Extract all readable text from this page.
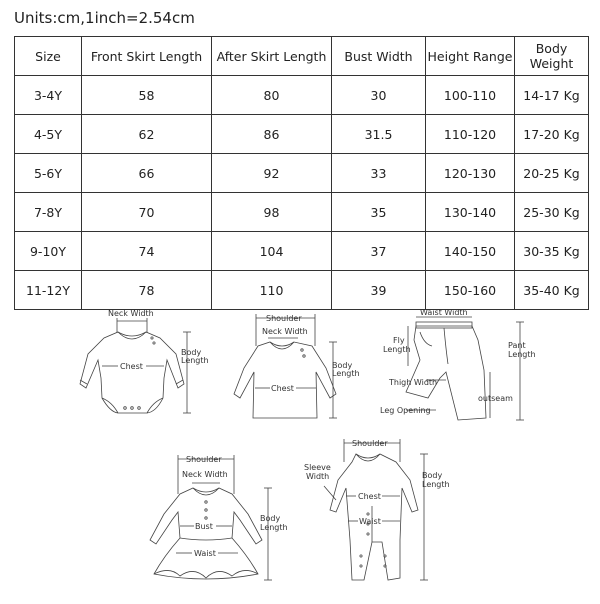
Units:cm,1inch=2.54cm
Size	Front Skirt Length	After Skirt Length	Bust Width	Height Range	Body Weight
3-4Y	58	80	30	100-110	14-17 Kg
4-5Y	62	86	31.5	110-120	17-20 Kg
5-6Y	66	92	33	120-130	20-25 Kg
7-8Y	70	98	35	130-140	25-30 Kg
9-10Y	74	104	37	140-150	30-35 Kg
11-12Y	78	110	39	150-160	35-40 Kg
Neck Width
Chest
Body
Length
Shoulder
Neck Width
Chest
Body
Length
Waist Width
Fly
Length	Pant
Length
Thigh Width
outseam
Leg Opening
Shoulder
Neck Width
Bust
Waist
Body
Length
Shoulder
Sleeve
Width
Chest
Waist
Body
Length
